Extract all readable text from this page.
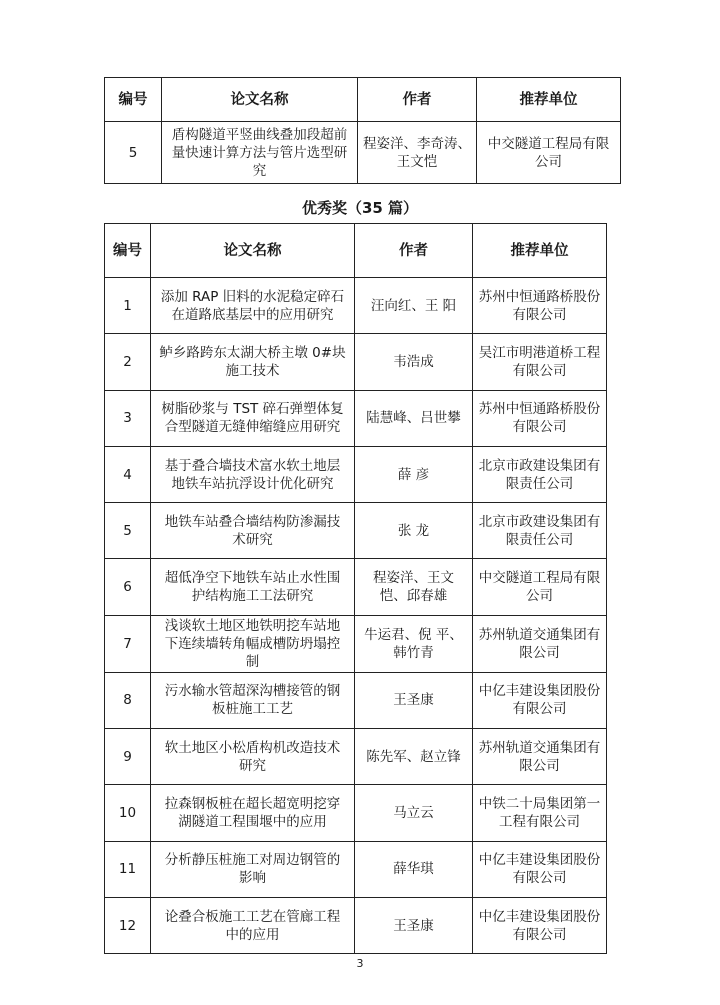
编号	论文名称	作者	推荐单位
5	盾构隧道平竖曲线叠加段超前量快速计算方法与管片选型研究	程姿洋、李奇涛、王文恺	中交隧道工程局有限公司
优秀奖（35 篇）
编号	论文名称	作者	推荐单位
1	添加 RAP 旧料的水泥稳定碎石在道路底基层中的应用研究	汪向红、王 阳	苏州中恒通路桥股份有限公司
2	鲈乡路跨东太湖大桥主墩 0#块施工技术	韦浩成	吴江市明港道桥工程有限公司
3	树脂砂浆与 TST 碎石弹塑体复合型隧道无缝伸缩缝应用研究	陆慧峰、吕世攀	苏州中恒通路桥股份有限公司
4	基于叠合墙技术富水软土地层地铁车站抗浮设计优化研究	薛 彦	北京市政建设集团有限责任公司
5	地铁车站叠合墙结构防渗漏技术研究	张 龙	北京市政建设集团有限责任公司
6	超低净空下地铁车站止水性围护结构施工工法研究	程姿洋、王文恺、邱春雄	中交隧道工程局有限公司
7	浅谈软土地区地铁明挖车站地下连续墙转角幅成槽防坍塌控制	牛运君、倪 平、韩竹青	苏州轨道交通集团有限公司
8	污水输水管超深沟槽接管的钢板桩施工工艺	王圣康	中亿丰建设集团股份有限公司
9	软土地区小松盾构机改造技术研究	陈先军、赵立锋	苏州轨道交通集团有限公司
10	拉森钢板桩在超长超宽明挖穿湖隧道工程围堰中的应用	马立云	中铁二十局集团第一工程有限公司
11	分析静压桩施工对周边钢管的影响	薛华琪	中亿丰建设集团股份有限公司
12	论叠合板施工工艺在管廊工程中的应用	王圣康	中亿丰建设集团股份有限公司
3
